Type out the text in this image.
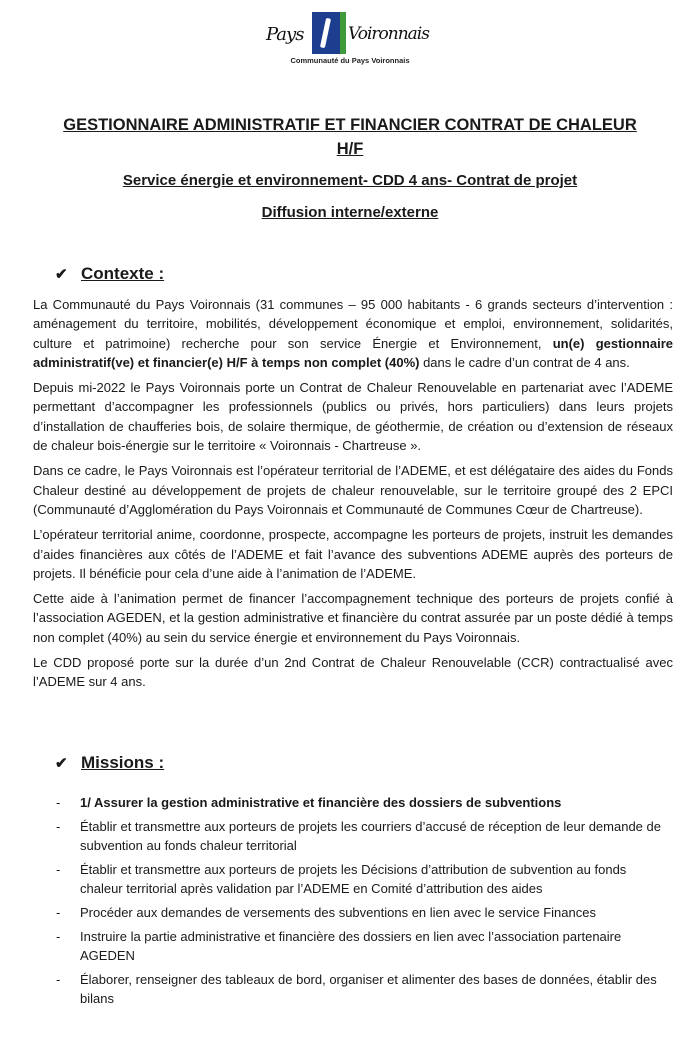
Pays	Voironnais
Communauté du Pays Voironnais
GESTIONNAIRE ADMINISTRATIF ET FINANCIER CONTRAT DE CHALEUR H/F
Service énergie et environnement- CDD 4 ans- Contrat de projet
Diffusion interne/externe
✔ Contexte :

La Communauté du Pays Voironnais (31 communes – 95 000 habitants - 6 grands secteurs d’intervention : aménagement du territoire, mobilités, développement économique et emploi, environnement, solidarités, culture et patrimoine) recherche pour son service Énergie et Environnement, un(e) gestionnaire administratif(ve) et financier(e) H/F à temps non complet (40%) dans le cadre d’un contrat de 4 ans.

Depuis mi-2022 le Pays Voironnais porte un Contrat de Chaleur Renouvelable en partenariat avec l’ADEME permettant d’accompagner les professionnels (publics ou privés, hors particuliers) dans leurs projets d’installation de chaufferies bois, de solaire thermique, de géothermie, de création ou d’extension de réseaux de chaleur bois-énergie sur le territoire « Voironnais - Chartreuse ».

Dans ce cadre, le Pays Voironnais est l’opérateur territorial de l’ADEME, et est délégataire des aides du Fonds Chaleur destiné au développement de projets de chaleur renouvelable, sur le territoire groupé des 2 EPCI (Communauté d’Agglomération du Pays Voironnais et Communauté de Communes Cœur de Chartreuse).

L’opérateur territorial anime, coordonne, prospecte, accompagne les porteurs de projets, instruit les demandes d’aides financières aux côtés de l’ADEME et fait l’avance des subventions ADEME auprès des porteurs de projets. Il bénéficie pour cela d’une aide à l’animation de l’ADEME.

Cette aide à l’animation permet de financer l’accompagnement technique des porteurs de projets confié à l’association AGEDEN, et la gestion administrative et financière du contrat assurée par un poste dédié à temps non complet (40%) au sein du service énergie et environnement du Pays Voironnais.

Le CDD proposé porte sur la durée d’un 2nd Contrat de Chaleur Renouvelable (CCR) contractualisé avec l’ADEME sur 4 ans.

✔ Missions :
-	1/ Assurer la gestion administrative et financière des dossiers de subventions
-	Établir et transmettre aux porteurs de projets les courriers d’accusé de réception de leur demande de subvention au fonds chaleur territorial
-	Établir et transmettre aux porteurs de projets les Décisions d’attribution de subvention au fonds chaleur territorial après validation par l’ADEME en Comité d’attribution des aides
-	Procéder aux demandes de versements des subventions en lien avec le service Finances
-	Instruire la partie administrative et financière des dossiers en lien avec l’association partenaire AGEDEN
-	Élaborer, renseigner des tableaux de bord, organiser et alimenter des bases de données, établir des bilans
